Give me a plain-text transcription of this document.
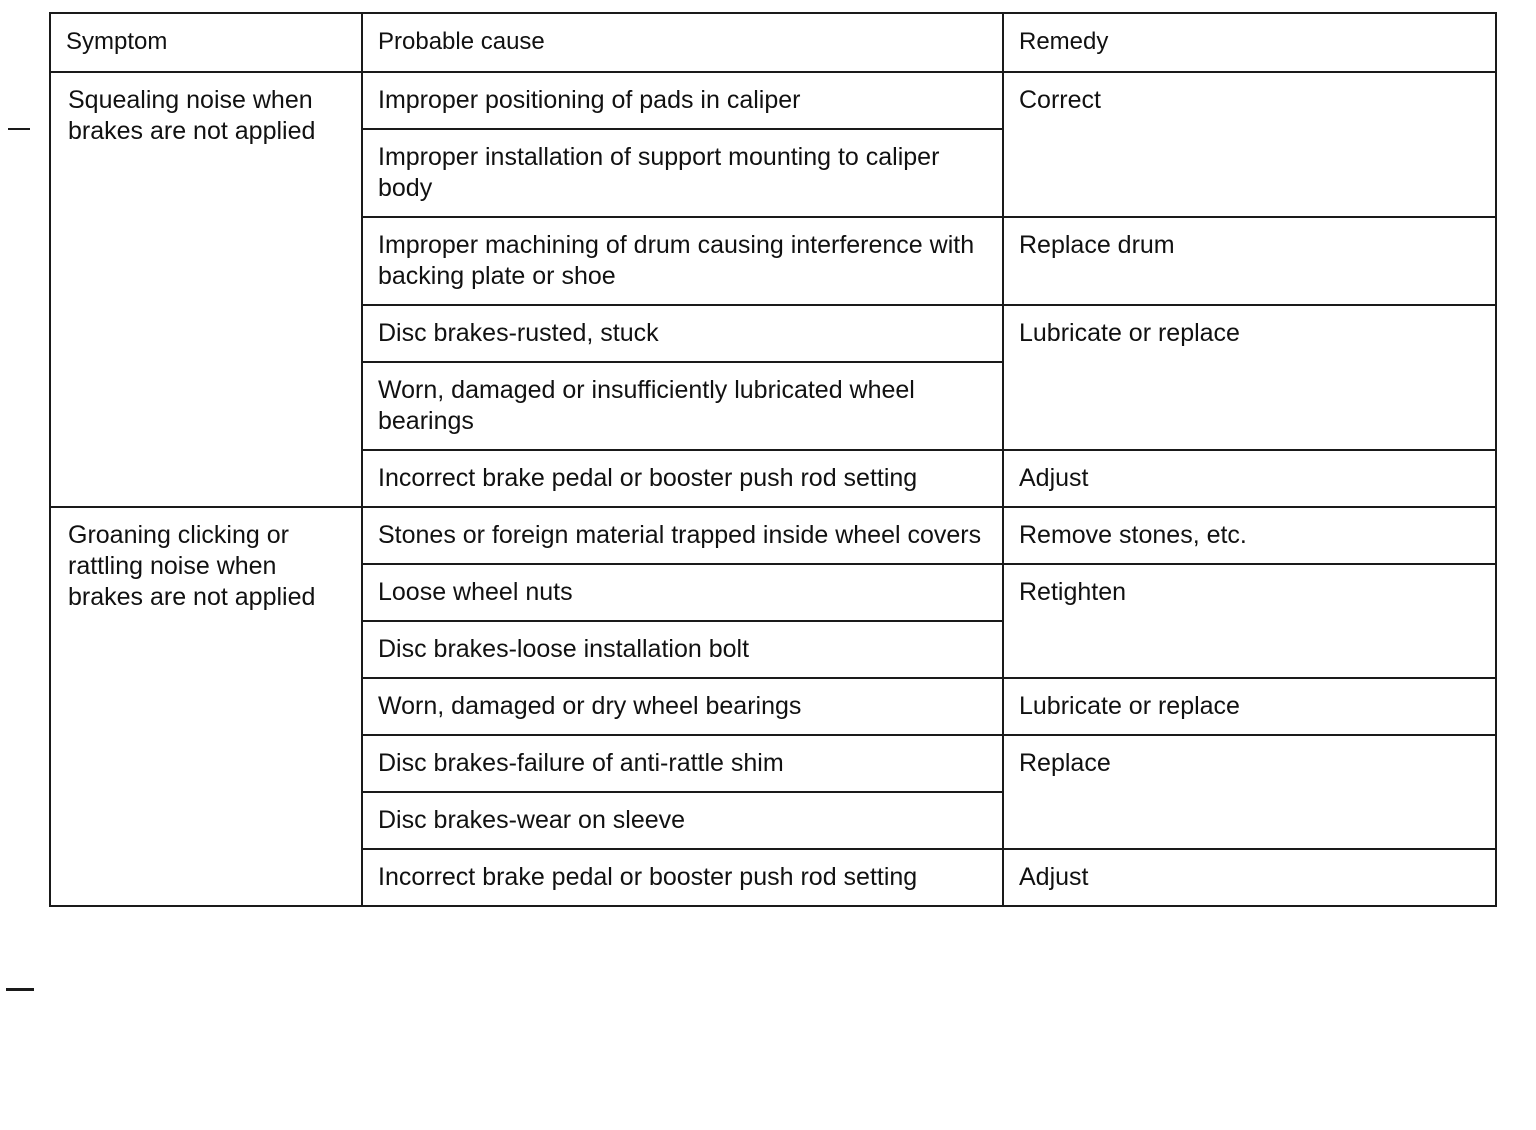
Symptom	Probable cause	Remedy
Squealing noise when brakes are not applied	Improper positioning of pads in caliper	Correct
	Improper installation of support mounting to caliper body	
	Improper machining of drum causing interference with backing plate or shoe	Replace drum
	Disc brakes-rusted, stuck	Lubricate or replace
	Worn, damaged or insufficiently lubricated wheel bearings	
	Incorrect brake pedal or booster push rod setting	Adjust
Groaning clicking or rattling noise when brakes are not applied	Stones or foreign material trapped inside wheel covers	Remove stones, etc.
	Loose wheel nuts	Retighten
	Disc brakes-loose installation bolt	
	Worn, damaged or dry wheel bearings	Lubricate or replace
	Disc brakes-failure of anti-rattle shim	Replace
	Disc brakes-wear on sleeve	
	Incorrect brake pedal or booster push rod setting	Adjust
